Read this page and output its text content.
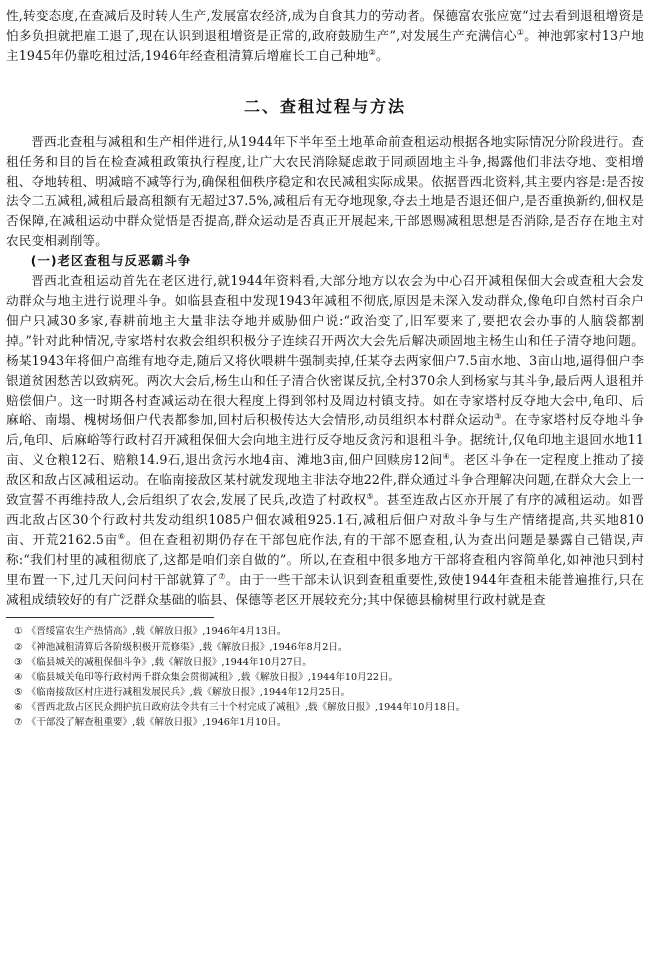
性,转变态度,在查减后及时转人生产,发展富农经济,成为自食其力的劳动者。保德富农张应宽“过去看到退租增资是怕多负担就把雇工退了,现在认识到退租增资是正常的,政府鼓励生产”,对发展生产充满信心①。神池郭家村13户地主1945年仍靠吃租过活,1946年经查租清算后增雇长工自己种地②。

二、查租过程与方法

晋西北查租与减租和生产相伴进行,从1944年下半年至土地革命前查租运动根据各地实际情况分阶段进行。查租任务和目的旨在检查减租政策执行程度,让广大农民消除疑虑敢于同顽固地主斗争,揭露他们非法夺地、变相增租、夺地转租、明减暗不减等行为,确保租佃秩序稳定和农民减租实际成果。依据晋西北资料,其主要内容是:是否按法令二五减租,减租后最高租额有无超过37.5%,减租后有无夺地现象,夺去土地是否退还佃户,是否重换新约,佃权是否保障,在减租运动中群众觉悟是否提高,群众运动是否真正开展起来,干部恩赐减租思想是否消除,是否存在地主对农民变相剥削等。

(一)老区查租与反恶霸斗争

晋西北查租运动首先在老区进行,就1944年资料看,大部分地方以农会为中心召开减租保佃大会或查租大会发动群众与地主进行说理斗争。如临县查租中发现1943年减租不彻底,原因是未深入发动群众,像龟印自然村百余户佃户只减30多家,春耕前地主大量非法夺地并威胁佃户说:“政治变了,旧军要来了,要把农会办事的人脑袋都割掉。”针对此种情况,寺家塔村农救会组织积极分子连续召开两次大会先后解决顽固地主杨生山和任子清夺地问题。杨某1943年将佃户高维有地夺走,随后又将伙喂耕牛强制卖掉,任某夺去两家佃户7.5亩水地、3亩山地,逼得佃户李银道贫困愁苦以致病死。两次大会后,杨生山和任子清合伙密谋反抗,全村370余人到杨家与其斗争,最后两人退租并赔偿佃户。这一时期各村查减运动在很大程度上得到邻村及周边村镇支持。如在寺家塔村反夺地大会中,龟印、后麻峪、南塌、槐树场佃户代表都参加,回村后积极传达大会情形,动员组织本村群众运动③。在寺家塔村反夺地斗争后,龟印、后麻峪等行政村召开减租保佃大会向地主进行反夺地反贪污和退租斗争。据统计,仅龟印地主退回水地11亩、义仓粮12石、赔粮14.9石,退出贪污水地4亩、滩地3亩,佃户回赎房12间④。老区斗争在一定程度上推动了接敌区和敌占区减租运动。在临南接敌区某村就发现地主非法夺地22件,群众通过斗争合理解决问题,在群众大会上一致宣誓不再维持敌人,会后组织了农会,发展了民兵,改造了村政权⑤。甚至连敌占区亦开展了有序的减租运动。如晋西北敌占区30个行政村共发动组织1085户佃农减租925.1石,减租后佃户对敌斗争与生产情绪提高,共买地810亩、开荒2162.5亩⑥。但在查租初期仍存在干部包庇作法,有的干部不愿查租,认为查出问题是暴露自己错误,声称:“我们村里的减租彻底了,这都是咱们亲自做的”。所以,在查租中很多地方干部将查租内容简单化,如神池只到村里布置一下,过几天问问村干部就算了⑦。由于一些干部未认识到查租重要性,致使1944年查租未能普遍推行,只在减租成绩较好的有广泛群众基础的临县、保德等老区开展较充分;其中保德县榆树里行政村就是查

① 《晋绥富农生产热情高》,载《解放日报》,1946年4月13日。
② 《神池减租清算后各阶级积极开荒修渠》,载《解放日报》,1946年8月2日。
③ 《临县城关的减租保佃斗争》,载《解放日报》,1944年10月27日。
④ 《临县城关龟印等行政村两千群众集会贯彻减租》,载《解放日报》,1944年10月22日。
⑤ 《临南接敌区村庄进行减租发展民兵》,载《解放日报》,1944年12月25日。
⑥ 《晋西北敌占区民众拥护抗日政府法令共有三十个村完成了减租》,载《解放日报》,1944年10月18日。
⑦ 《干部没了解查租重要》,载《解放日报》,1946年1月10日。
